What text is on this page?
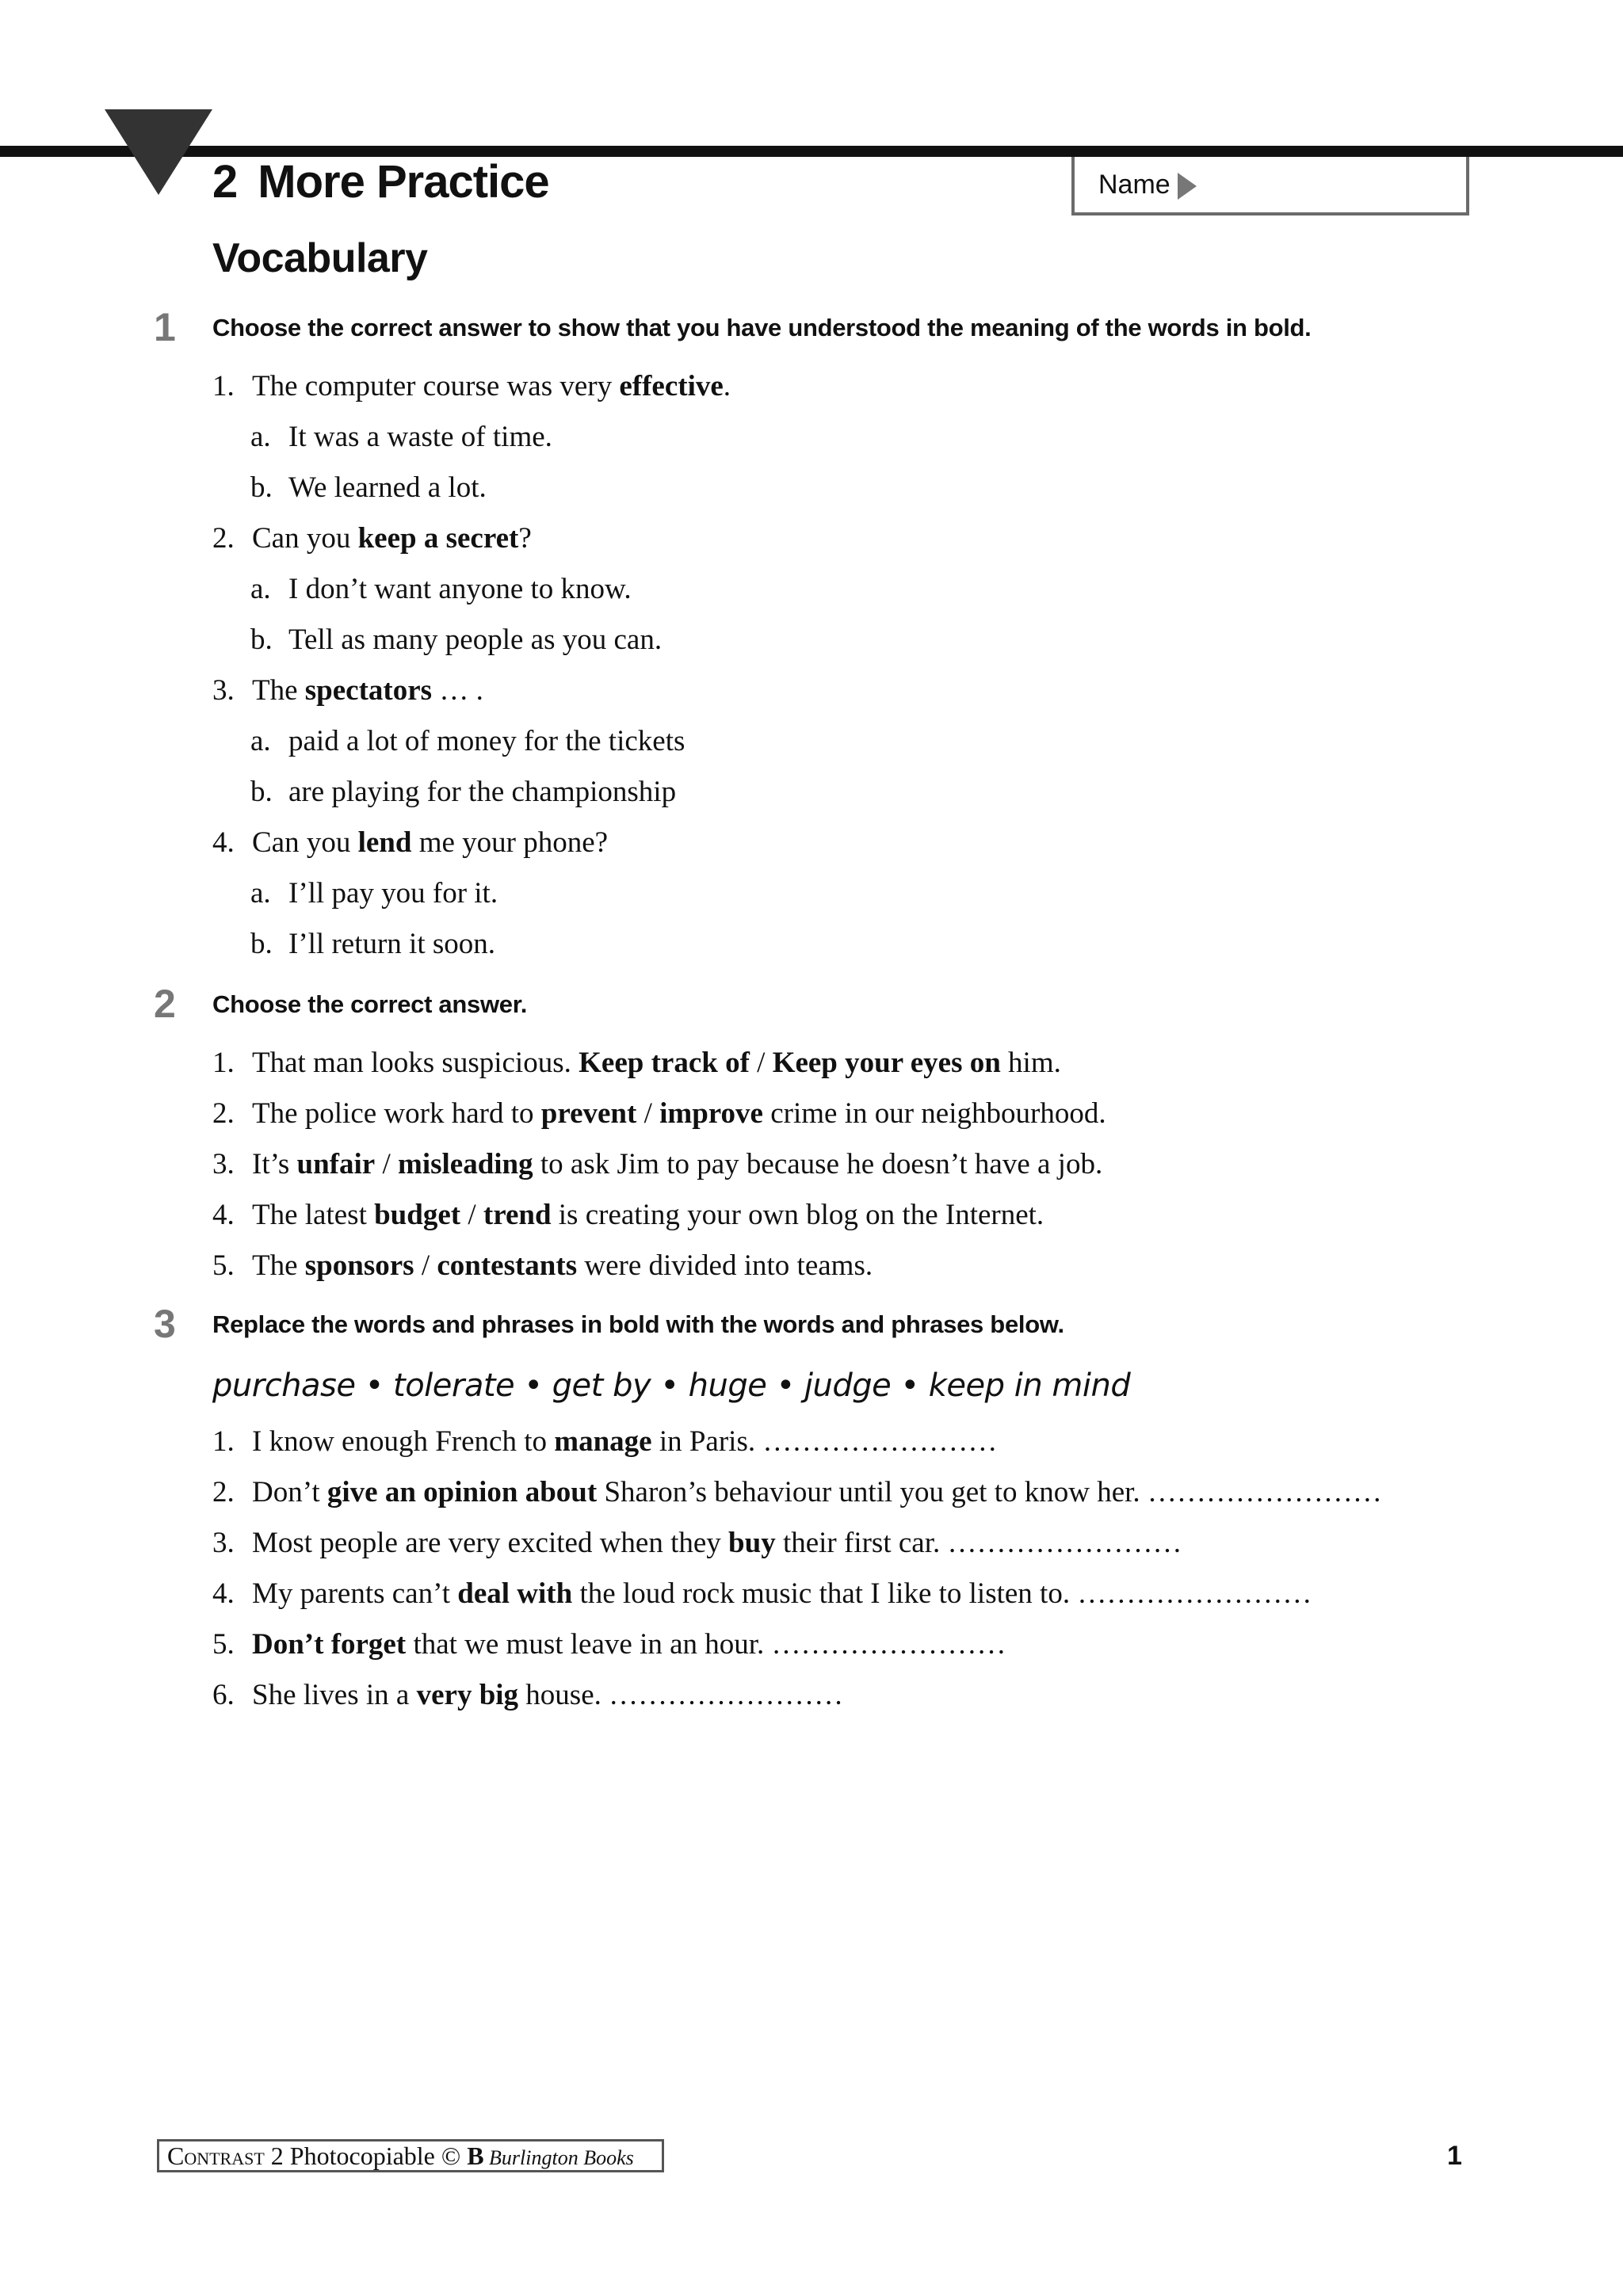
2 More Practice	Name
Vocabulary
1 Choose the correct answer to show that you have understood the meaning of the words in bold.
1. The computer course was very effective.
a. It was a waste of time.
b. We learned a lot.
2. Can you keep a secret?
a. I don’t want anyone to know.
b. Tell as many people as you can.
3. The spectators … .
a. paid a lot of money for the tickets
b. are playing for the championship
4. Can you lend me your phone?
a. I’ll pay you for it.
b. I’ll return it soon.
2 Choose the correct answer.
1. That man looks suspicious. Keep track of / Keep your eyes on him.
2. The police work hard to prevent / improve crime in our neighbourhood.
3. It’s unfair / misleading to ask Jim to pay because he doesn’t have a job.
4. The latest budget / trend is creating your own blog on the Internet.
5. The sponsors / contestants were divided into teams.
3 Replace the words and phrases in bold with the words and phrases below.
purchase • tolerate • get by • huge • judge • keep in mind
1. I know enough French to manage in Paris. ……………………
2. Don’t give an opinion about Sharon’s behaviour until you get to know her. ……………………
3. Most people are very excited when they buy their first car. ……………………
4. My parents can’t deal with the loud rock music that I like to listen to. ……………………
5. Don’t forget that we must leave in an hour. ……………………
6. She lives in a very big house. ……………………
Contrast 2 Photocopiable © B Burlington Books	1
